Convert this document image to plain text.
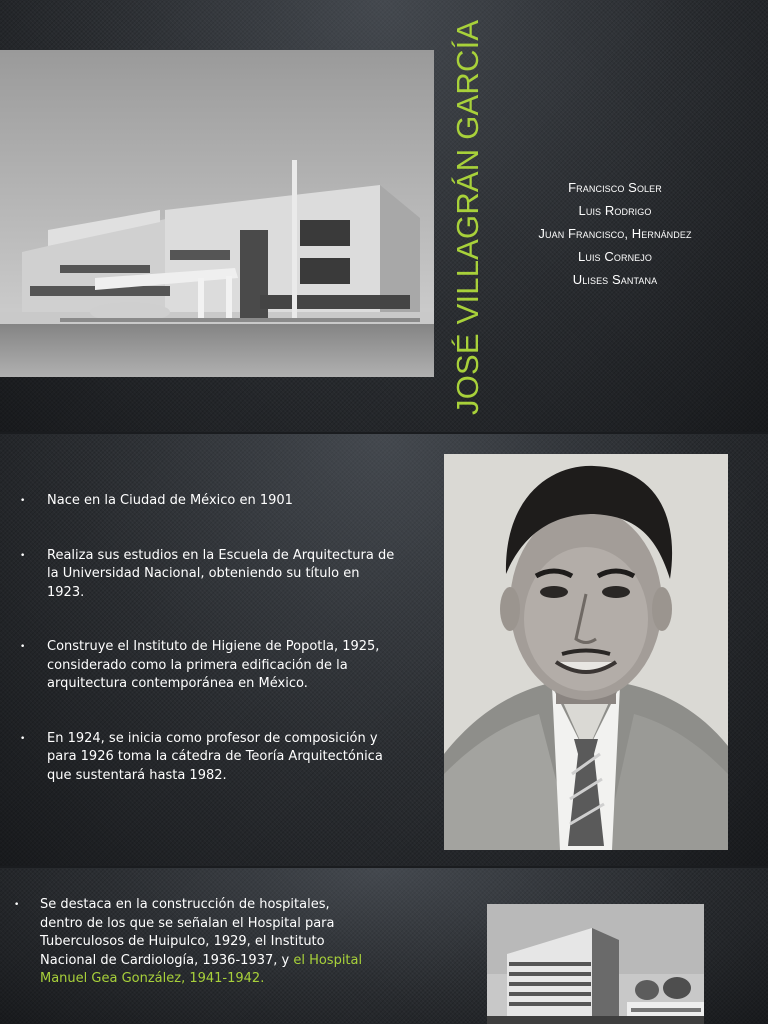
JOSÉ VILLAGRÁN GARCÍA	Francisco Soler
Luis Rodrigo
Juan Francisco, Hernández
Luis Cornejo
Ulises Santana
• Nace en la Ciudad de México en 1901
• Realiza sus estudios en la Escuela de Arquitectura de la Universidad Nacional, obteniendo su título en 1923.
• Construye el Instituto de Higiene de Popotla, 1925, considerado como la primera edificación de la arquitectura contemporánea en México.
• En 1924, se inicia como profesor de composición y para 1926 toma la cátedra de Teoría Arquitectónica que sustentará hasta 1982.
• Se destaca en la construcción de hospitales, dentro de los que se señalan el Hospital para Tuberculosos de Huipulco, 1929, el Instituto Nacional de Cardiología, 1936-1937, y el Hospital Manuel Gea González, 1941-1942.
